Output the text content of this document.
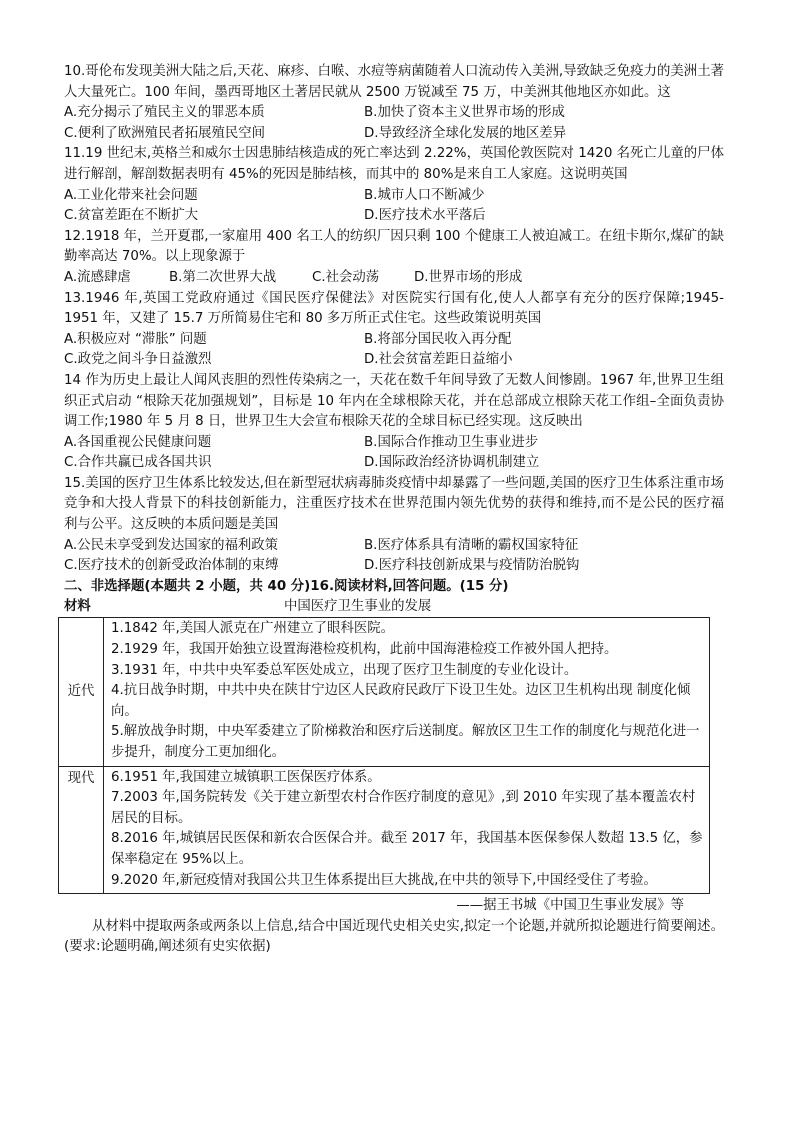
10.哥伦布发现美洲大陆之后,天花、麻疹、白喉、水痘等病菌随着人口流动传入美洲,导致缺乏免疫力的美洲土著人大量死亡。100 年间，墨西哥地区土著居民就从 2500 万锐减至 75 万，中美洲其他地区亦如此。这
A.充分揭示了殖民主义的罪恶本质	B.加快了资本主义世界市场的形成
C.便利了欧洲殖民者拓展殖民空间	D.导致经济全球化发展的地区差异
11.19 世纪末,英格兰和威尔士因患肺结核造成的死亡率达到 2.22%，英国伦敦医院对 1420 名死亡儿童的尸体进行解剖，解剖数据表明有 45%的死因是肺结核，而其中的 80%是来自工人家庭。这说明英国
A.工业化带来社会问题	B.城市人口不断减少
C.贫富差距在不断扩大	D.医疗技术水平落后
12.1918 年，兰开夏郡,一家雇用 400 名工人的纺织厂因只剩 100 个健康工人被迫减工。在纽卡斯尔,煤矿的缺勤率高达 70%。以上现象源于
A.流感肆虐	B.第二次世界大战	C.社会动荡	D.世界市场的形成
13.1946 年,英国工党政府通过《国民医疗保健法》对医院实行国有化,使人人都享有充分的医疗保障;1945-1951 年，又建了 15.7 万所简易住宅和 80 多万所正式住宅。这些政策说明英国
A.积极应对 “滞胀” 问题	B.将部分国民收入再分配
C.政党之间斗争日益激烈	D.社会贫富差距日益缩小
14 作为历史上最让人闻风丧胆的烈性传染病之一，天花在数千年间导致了无数人间惨剧。1967 年,世界卫生组织正式启动 “根除天花加强规划”，目标是 10 年内在全球根除天花，并在总部成立根除天花工作组–全面负责协调工作;1980 年 5 月 8 日，世界卫生大会宣布根除天花的全球目标已经实现。这反映出
A.各国重视公民健康问题	B.国际合作推动卫生事业进步
C.合作共赢已成各国共识	D.国际政治经济协调机制建立
15.美国的医疗卫生体系比较发达,但在新型冠状病毒肺炎疫情中却暴露了一些问题,美国的医疗卫生体系注重市场竞争和大投人背景下的科技创新能力，注重医疗技术在世界范围内领先优势的获得和维持,而不是公民的医疗福利与公平。这反映的本质问题是美国
A.公民未享受到发达国家的福利政策	B.医疗体系具有清晰的霸权国家特征
C.医疗技术的创新受政治体制的束缚	D.医疗科技创新成果与疫情防治脱钩
二、非选择题(本题共 2 小题，共 40 分)16.阅读材料,回答问题。(15 分)
材料	中国医疗卫生事业的发展
近代	1.1842 年,美国人派克在广州建立了眼科医院。
2.1929 年，我国开始独立设置海港检疫机构，此前中国海港检疫工作被外国人把持。
3.1931 年，中共中央军委总军医处成立，出现了医疗卫生制度的专业化设计。
4.抗日战争时期，中共中央在陕甘宁边区人民政府民政厅下设卫生处。边区卫生机构出现 制度化倾向。
5.解放战争时期，中央军委建立了阶梯救治和医疗后送制度。解放区卫生工作的制度化与规范化进一步提升，制度分工更加细化。

现代	6.1951 年,我国建立城镇职工医保医疗体系。
7.2003 年,国务院转发《关于建立新型农村合作医疗制度的意见》,到 2010 年实现了基本覆盖农村居民的目标。
8.2016 年,城镇居民医保和新农合医保合并。截至 2017 年，我国基本医保参保人数超 13.5 亿，参保率稳定在 95%以上。
9.2020 年,新冠疫情对我国公共卫生体系提出巨大挑战,在中共的领导下,中国经受住了考验。
——据王书城《中国卫生事业发展》等
从材料中提取两条或两条以上信息,结合中国近现代史相关史实,拟定一个论题,并就所拟论题进行简要阐述。(要求:论题明确,阐述须有史实依据)
